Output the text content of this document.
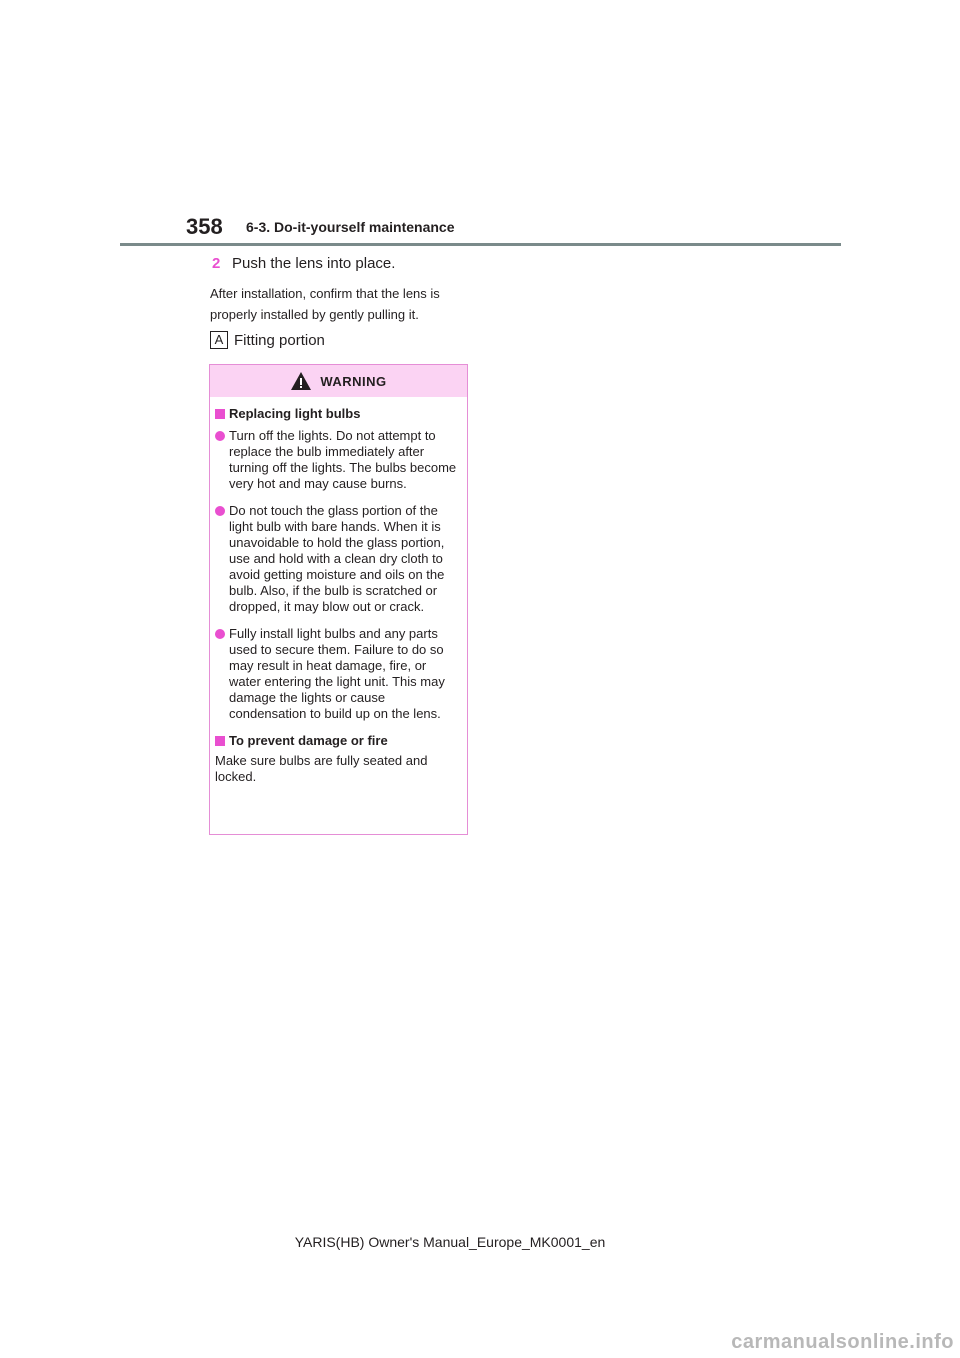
358 6-3. Do-it-yourself maintenance
2 Push the lens into place.
After installation, confirm that the lens is properly installed by gently pulling it.
A Fitting portion
WARNING
Replacing light bulbs
Turn off the lights. Do not attempt to replace the bulb immediately after turning off the lights. The bulbs become very hot and may cause burns.
Do not touch the glass portion of the light bulb with bare hands. When it is unavoidable to hold the glass portion, use and hold with a clean dry cloth to avoid getting moisture and oils on the bulb. Also, if the bulb is scratched or dropped, it may blow out or crack.
Fully install light bulbs and any parts used to secure them. Failure to do so may result in heat damage, fire, or water entering the light unit. This may damage the lights or cause condensation to build up on the lens.
To prevent damage or fire
Make sure bulbs are fully seated and locked.
YARIS(HB) Owner's Manual_Europe_MK0001_en
carmanualsonline.info
